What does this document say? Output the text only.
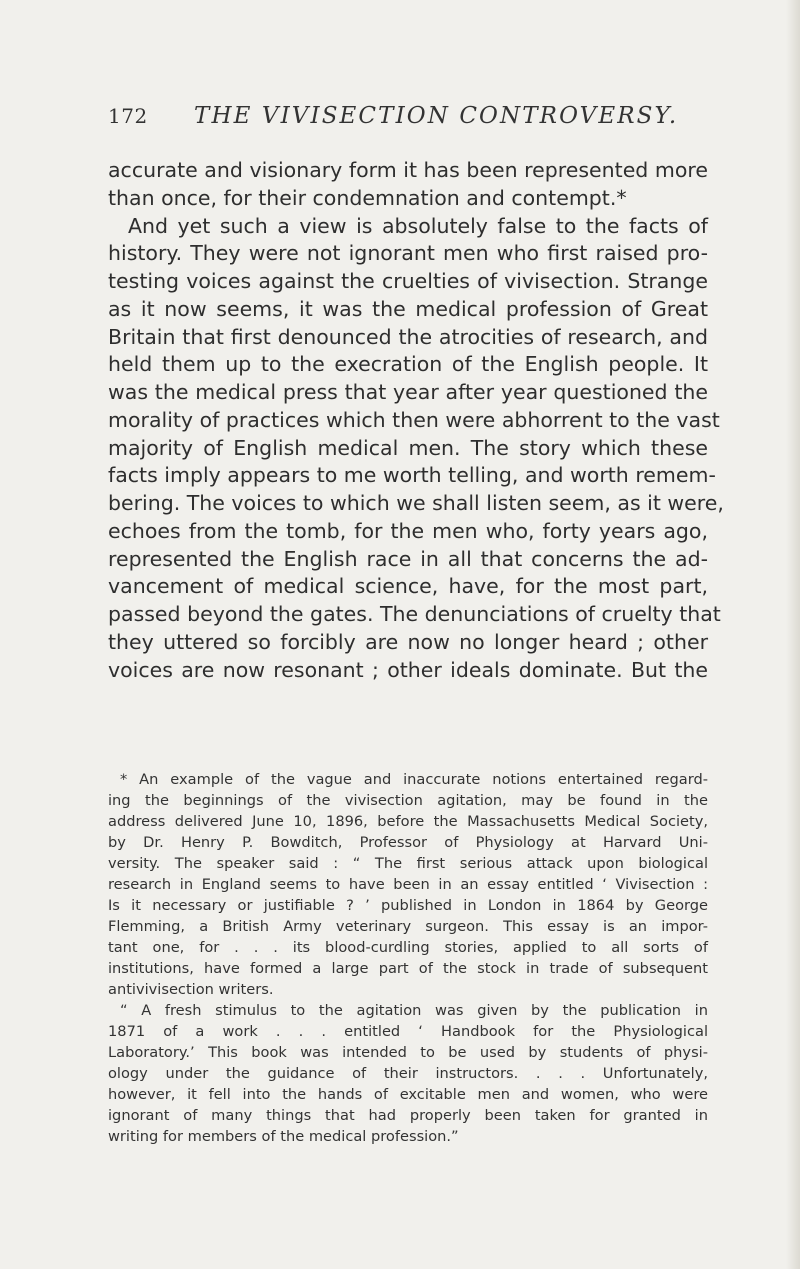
172 THE VIVISECTION CONTROVERSY.
accurate and visionary form it has been represented more
than once, for their condemnation and contempt.*
And yet such a view is absolutely false to the facts of
history. They were not ignorant men who first raised pro-
testing voices against the cruelties of vivisection. Strange
as it now seems, it was the medical profession of Great
Britain that first denounced the atrocities of research, and
held them up to the execration of the English people. It
was the medical press that year after year questioned the
morality of practices which then were abhorrent to the vast
majority of English medical men. The story which these
facts imply appears to me worth telling, and worth remem-
bering. The voices to which we shall listen seem, as it were,
echoes from the tomb, for the men who, forty years ago,
represented the English race in all that concerns the ad-
vancement of medical science, have, for the most part,
passed beyond the gates. The denunciations of cruelty that
they uttered so forcibly are now no longer heard ; other
voices are now resonant ; other ideals dominate. But the
* An example of the vague and inaccurate notions entertained regard-
ing the beginnings of the vivisection agitation, may be found in the
address delivered June 10, 1896, before the Massachusetts Medical Society,
by Dr. Henry P. Bowditch, Professor of Physiology at Harvard Uni-
versity. The speaker said : “ The first serious attack upon biological
research in England seems to have been in an essay entitled ‘ Vivisection :
Is it necessary or justifiable ? ’ published in London in 1864 by George
Flemming, a British Army veterinary surgeon. This essay is an impor-
tant one, for . . . its blood-curdling stories, applied to all sorts of
institutions, have formed a large part of the stock in trade of subsequent
antivivisection writers.
“ A fresh stimulus to the agitation was given by the publication in
1871 of a work . . . entitled ‘ Handbook for the Physiological
Laboratory.’ This book was intended to be used by students of physi-
ology under the guidance of their instructors. . . . Unfortunately,
however, it fell into the hands of excitable men and women, who were
ignorant of many things that had properly been taken for granted in
writing for members of the medical profession.”
